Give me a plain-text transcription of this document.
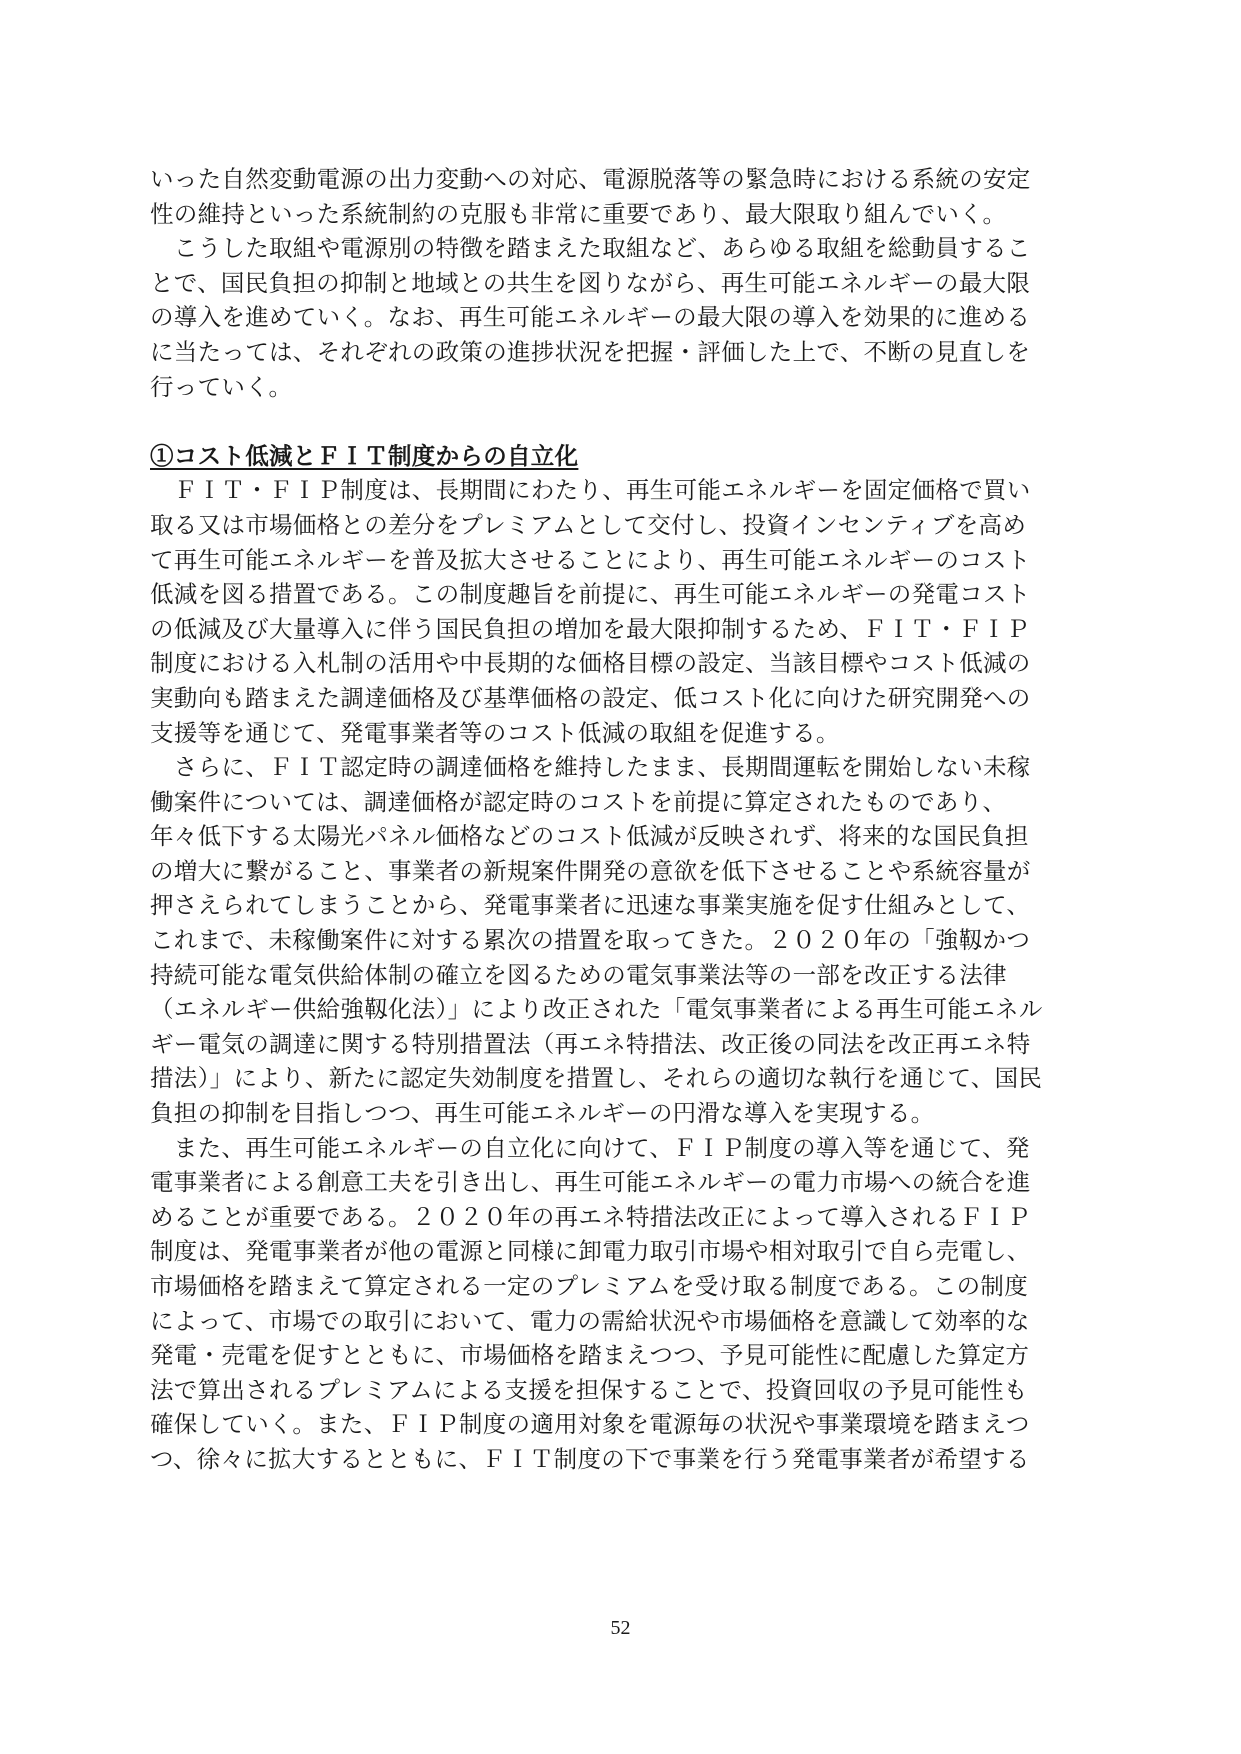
いった自然変動電源の出力変動への対応、電源脱落等の緊急時における系統の安定
性の維持といった系統制約の克服も非常に重要であり、最大限取り組んでいく。
　こうした取組や電源別の特徴を踏まえた取組など、あらゆる取組を総動員するこ
とで、国民負担の抑制と地域との共生を図りながら、再生可能エネルギーの最大限
の導入を進めていく。なお、再生可能エネルギーの最大限の導入を効果的に進める
に当たっては、それぞれの政策の進捗状況を把握・評価した上で、不断の見直しを
行っていく。
①コスト低減とＦＩＴ制度からの自立化
　ＦＩＴ・ＦＩＰ制度は、長期間にわたり、再生可能エネルギーを固定価格で買い
取る又は市場価格との差分をプレミアムとして交付し、投資インセンティブを高め
て再生可能エネルギーを普及拡大させることにより、再生可能エネルギーのコスト
低減を図る措置である。この制度趣旨を前提に、再生可能エネルギーの発電コスト
の低減及び大量導入に伴う国民負担の増加を最大限抑制するため、ＦＩＴ・ＦＩＰ
制度における入札制の活用や中長期的な価格目標の設定、当該目標やコスト低減の
実動向も踏まえた調達価格及び基準価格の設定、低コスト化に向けた研究開発への
支援等を通じて、発電事業者等のコスト低減の取組を促進する。
　さらに、ＦＩＴ認定時の調達価格を維持したまま、長期間運転を開始しない未稼
働案件については、調達価格が認定時のコストを前提に算定されたものであり、
年々低下する太陽光パネル価格などのコスト低減が反映されず、将来的な国民負担
の増大に繋がること、事業者の新規案件開発の意欲を低下させることや系統容量が
押さえられてしまうことから、発電事業者に迅速な事業実施を促す仕組みとして、
これまで、未稼働案件に対する累次の措置を取ってきた。２０２０年の「強靱かつ
持続可能な電気供給体制の確立を図るための電気事業法等の一部を改正する法律
（エネルギー供給強靱化法）」により改正された「電気事業者による再生可能エネル
ギー電気の調達に関する特別措置法（再エネ特措法、改正後の同法を改正再エネ特
措法）」により、新たに認定失効制度を措置し、それらの適切な執行を通じて、国民
負担の抑制を目指しつつ、再生可能エネルギーの円滑な導入を実現する。
　また、再生可能エネルギーの自立化に向けて、ＦＩＰ制度の導入等を通じて、発
電事業者による創意工夫を引き出し、再生可能エネルギーの電力市場への統合を進
めることが重要である。２０２０年の再エネ特措法改正によって導入されるＦＩＰ
制度は、発電事業者が他の電源と同様に卸電力取引市場や相対取引で自ら売電し、
市場価格を踏まえて算定される一定のプレミアムを受け取る制度である。この制度
によって、市場での取引において、電力の需給状況や市場価格を意識して効率的な
発電・売電を促すとともに、市場価格を踏まえつつ、予見可能性に配慮した算定方
法で算出されるプレミアムによる支援を担保することで、投資回収の予見可能性も
確保していく。また、ＦＩＰ制度の適用対象を電源毎の状況や事業環境を踏まえつ
つ、徐々に拡大するとともに、ＦＩＴ制度の下で事業を行う発電事業者が希望する
52
